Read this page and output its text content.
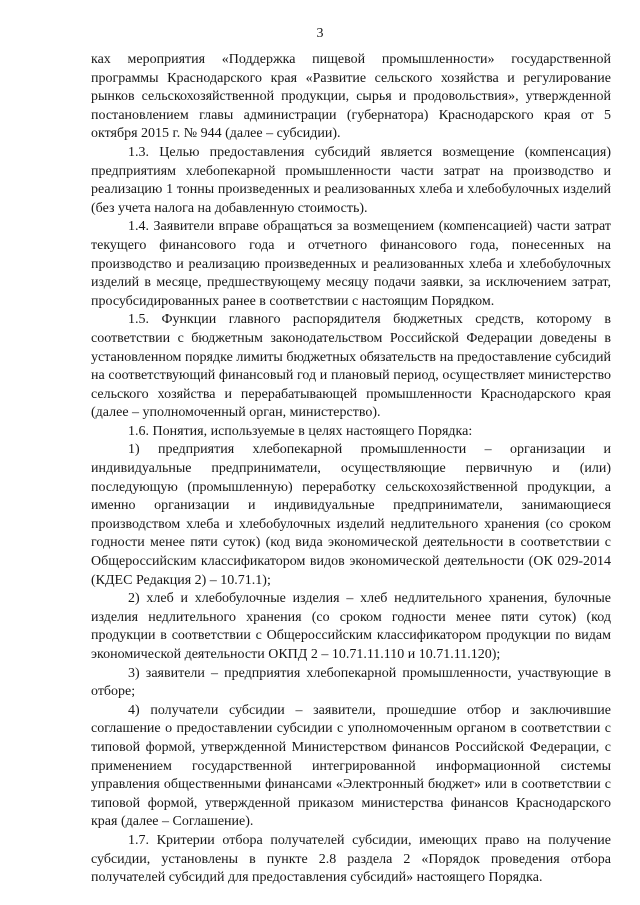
3

ках мероприятия «Поддержка пищевой промышленности» государственной программы Краснодарского края «Развитие сельского хозяйства и регулирование рынков сельскохозяйственной продукции, сырья и продовольствия», утвержденной постановлением главы администрации (губернатора) Краснодарского края от 5 октября 2015 г. № 944 (далее – субсидии).

1.3. Целью предоставления субсидий является возмещение (компенсация) предприятиям хлебопекарной промышленности части затрат на производство и реализацию 1 тонны произведенных и реализованных хлеба и хлебобулочных изделий (без учета налога на добавленную стоимость).

1.4. Заявители вправе обращаться за возмещением (компенсацией) части затрат текущего финансового года и отчетного финансового года, понесенных на производство и реализацию произведенных и реализованных хлеба и хлебобулочных изделий в месяце, предшествующему месяцу подачи заявки, за исключением затрат, просубсидированных ранее в соответствии с настоящим Порядком.

1.5. Функции главного распорядителя бюджетных средств, которому в соответствии с бюджетным законодательством Российской Федерации доведены в установленном порядке лимиты бюджетных обязательств на предоставление субсидий на соответствующий финансовый год и плановый период, осуществляет министерство сельского хозяйства и перерабатывающей промышленности Краснодарского края (далее – уполномоченный орган, министерство).

1.6. Понятия, используемые в целях настоящего Порядка:

1) предприятия хлебопекарной промышленности – организации и индивидуальные предприниматели, осуществляющие первичную и (или) последующую (промышленную) переработку сельскохозяйственной продукции, а именно организации и индивидуальные предприниматели, занимающиеся производством хлеба и хлебобулочных изделий недлительного хранения (со сроком годности менее пяти суток) (код вида экономической деятельности в соответствии с Общероссийским классификатором видов экономической деятельности (ОК 029-2014 (КДЕС Редакция 2) – 10.71.1);

2) хлеб и хлебобулочные изделия – хлеб недлительного хранения, булочные изделия недлительного хранения (со сроком годности менее пяти суток) (код продукции в соответствии с Общероссийским классификатором продукции по видам экономической деятельности ОКПД 2 – 10.71.11.110 и 10.71.11.120);

3) заявители – предприятия хлебопекарной промышленности, участвующие в отборе;

4) получатели субсидии – заявители, прошедшие отбор и заключившие соглашение о предоставлении субсидии с уполномоченным органом в соответствии с типовой формой, утвержденной Министерством финансов Российской Федерации, с применением государственной интегрированной информационной системы управления общественными финансами «Электронный бюджет» или в соответствии с типовой формой, утвержденной приказом министерства финансов Краснодарского края (далее – Соглашение).

1.7. Критерии отбора получателей субсидии, имеющих право на получение субсидии, установлены в пункте 2.8 раздела 2 «Порядок проведения отбора получателей субсидий для предоставления субсидий» настоящего Порядка.
